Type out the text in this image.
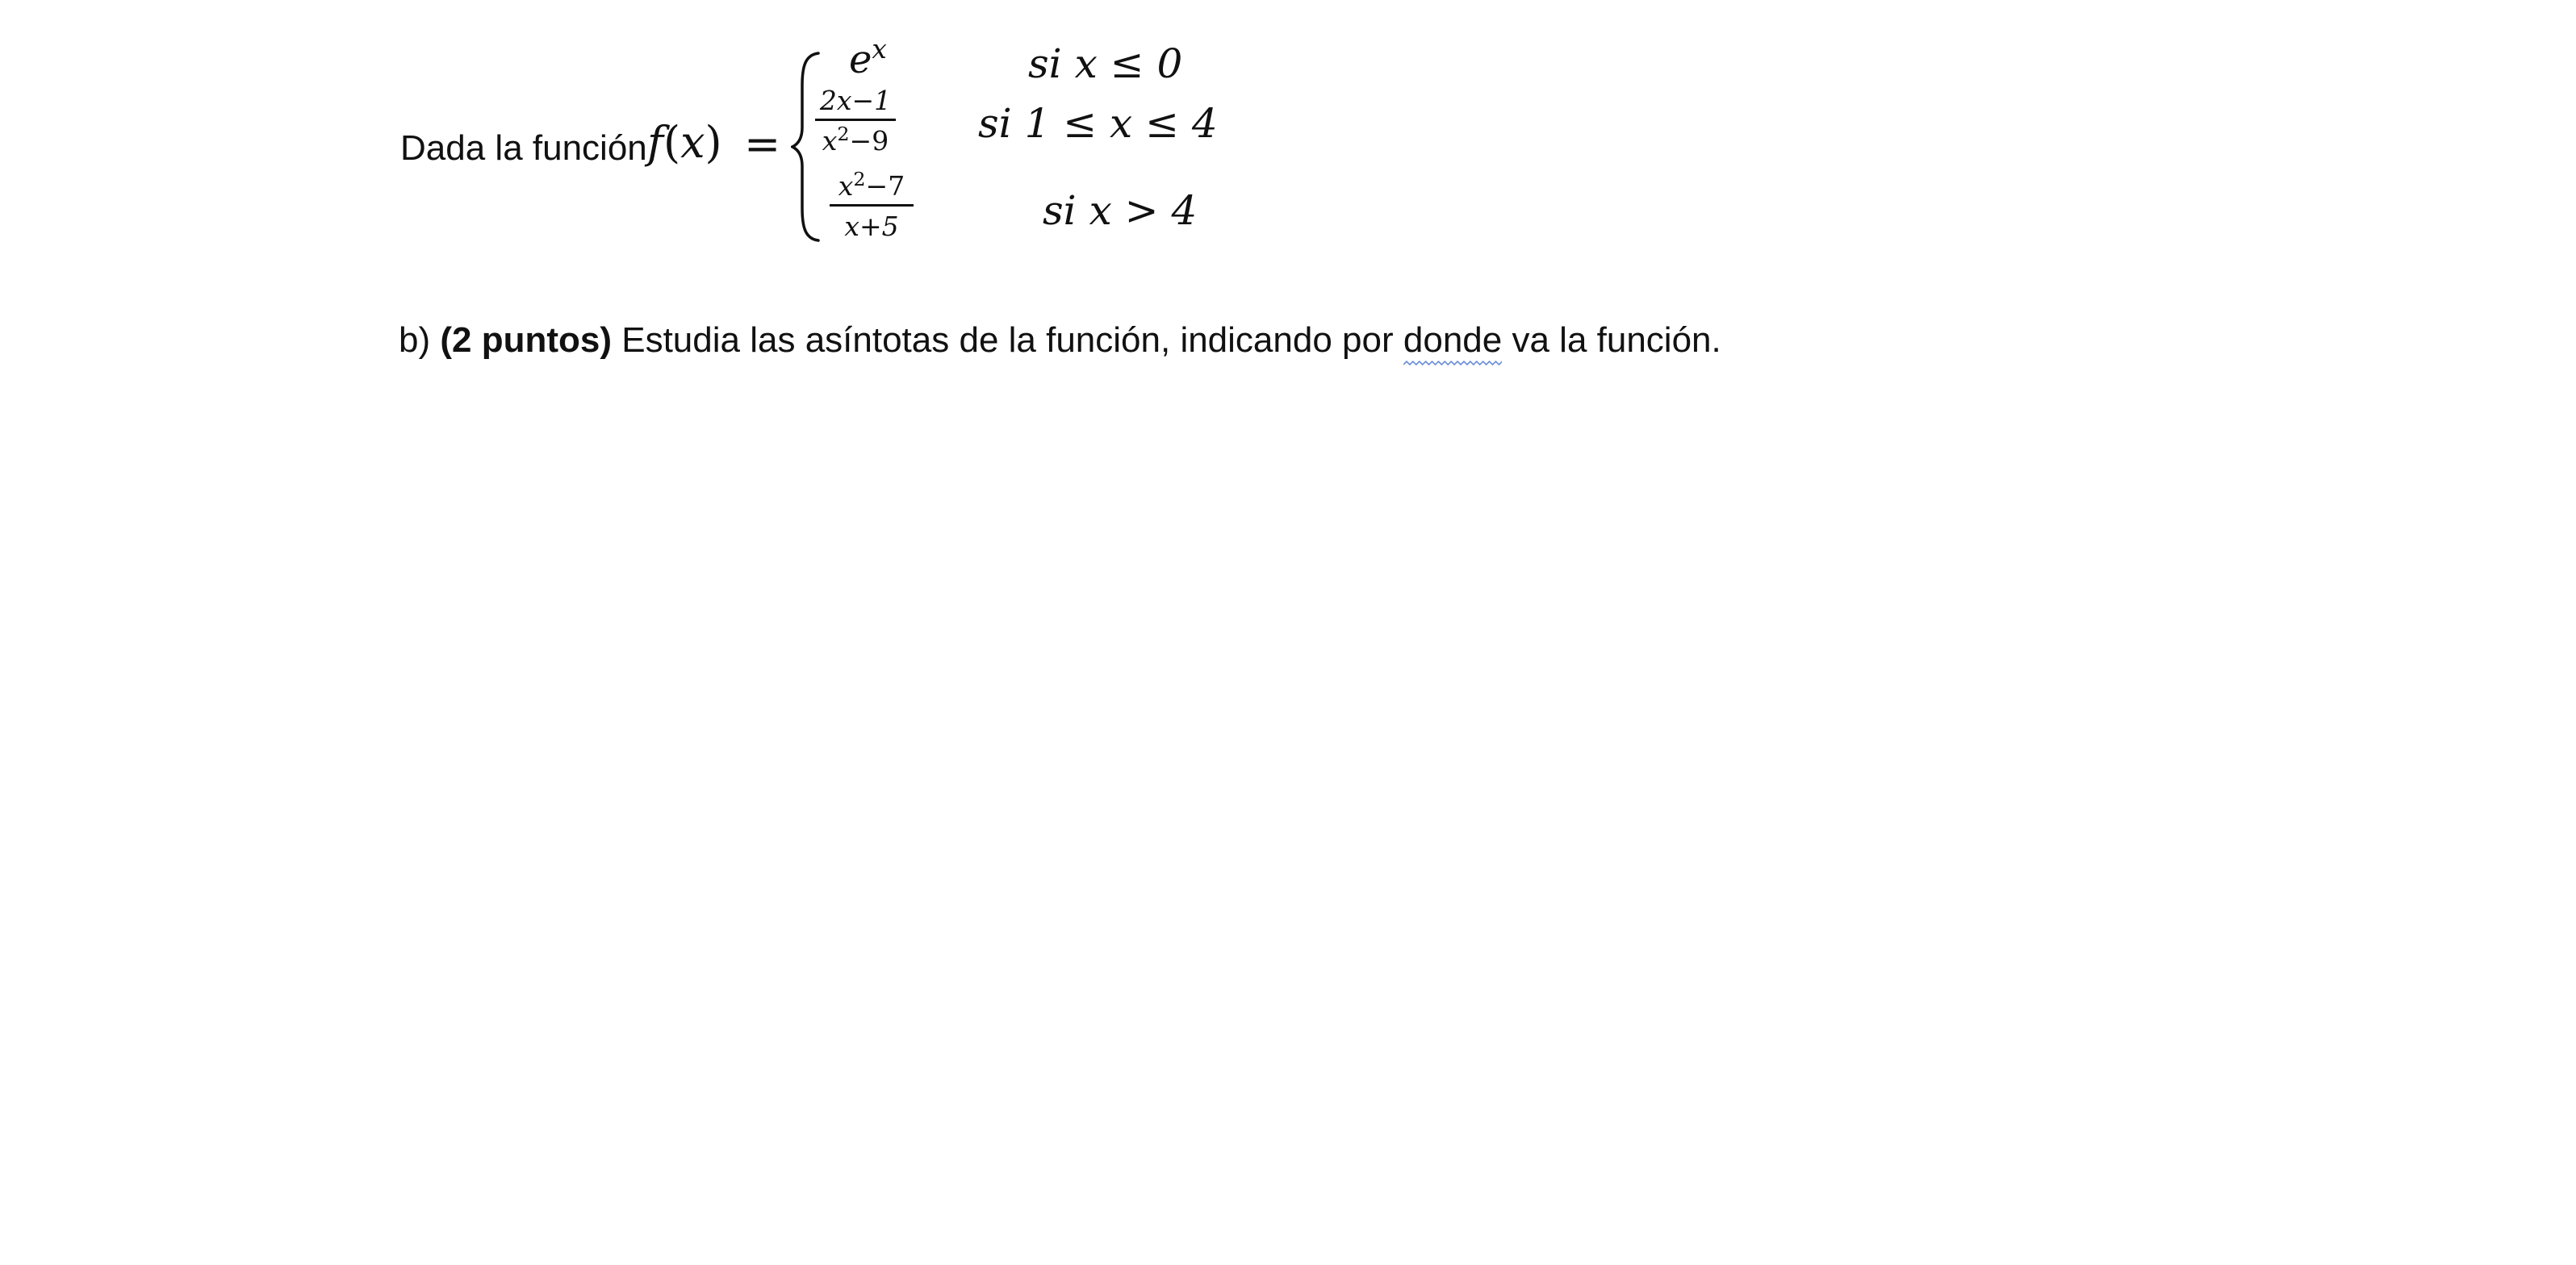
Dada la función f(x) =
$e^x$	si x ≤ 0
2x−1
$x^2-9$ si 1 ≤ x ≤ 4
$x^2-7$
x+5	si x > 4
b) (2 puntos) Estudia las asíntotas de la función, indicando por donde va la función.
